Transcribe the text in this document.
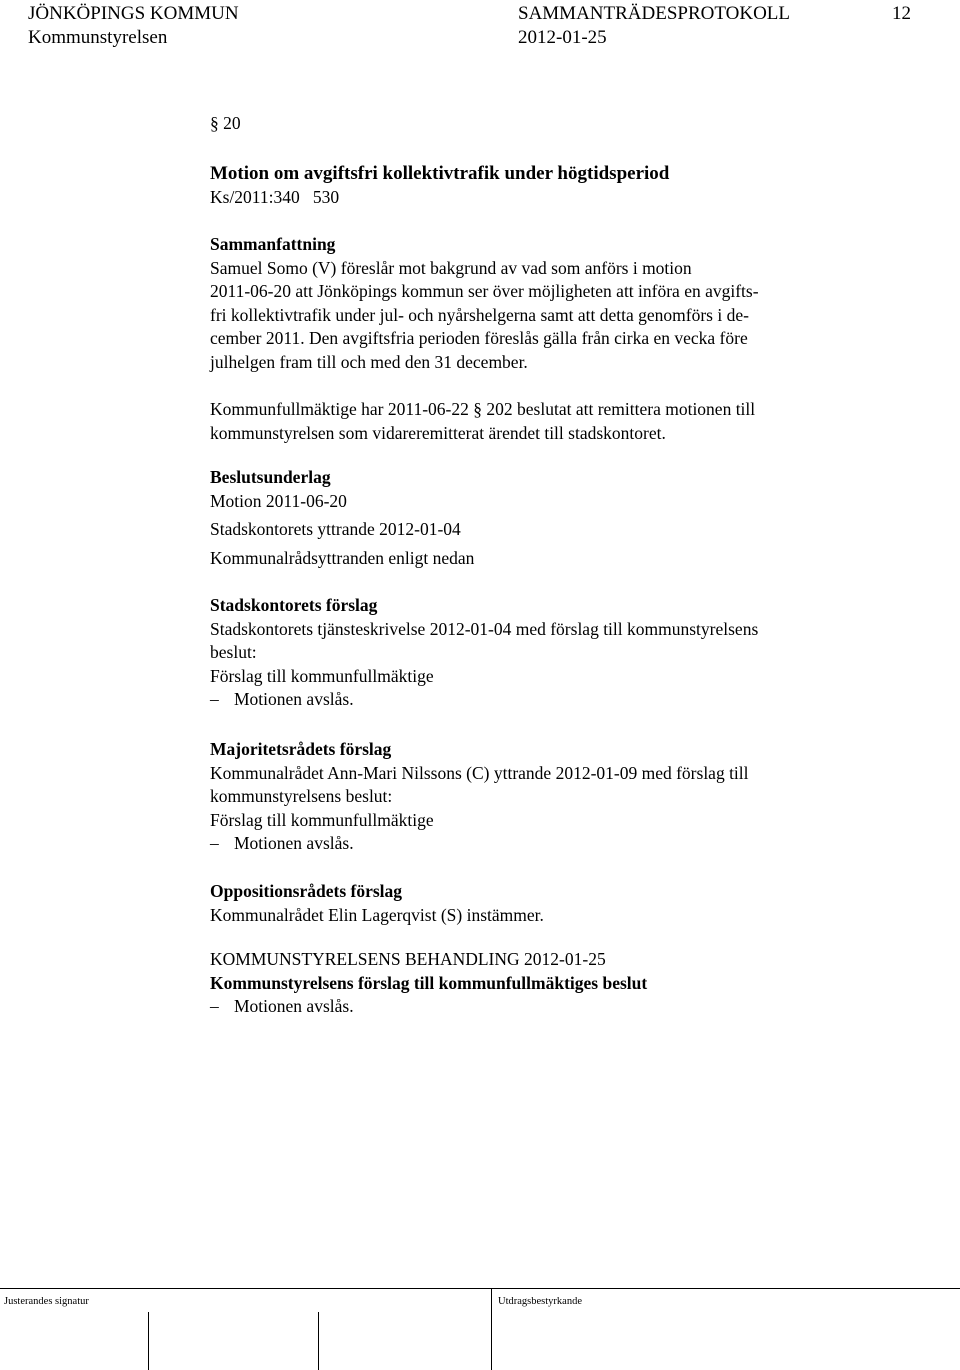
JÖNKÖPINGS KOMMUN	SAMMANTRÄDESPROTOKOLL	12
Kommunstyrelsen	2012-01-25
§ 20
Motion om avgiftsfri kollektivtrafik under högtidsperiod
Ks/2011:340   530
Sammanfattning
Samuel Somo (V) föreslår mot bakgrund av vad som anförs i motion
2011-06-20 att Jönköpings kommun ser över möjligheten att införa en avgifts-
fri kollektivtrafik under jul- och nyårshelgerna samt att detta genomförs i de-
cember 2011. Den avgiftsfria perioden föreslås gälla från cirka en vecka före
julhelgen fram till och med den 31 december.
Kommunfullmäktige har 2011-06-22 § 202 beslutat att remittera motionen till
kommunstyrelsen som vidareremitterat ärendet till stadskontoret.
Beslutsunderlag
Motion 2011-06-20
Stadskontorets yttrande 2012-01-04
Kommunalrådsyttranden enligt nedan
Stadskontorets förslag
Stadskontorets tjänsteskrivelse 2012-01-04 med förslag till kommunstyrelsens
beslut:
Förslag till kommunfullmäktige
– Motionen avslås.
Majoritetsrådets förslag
Kommunalrådet Ann-Mari Nilssons (C) yttrande 2012-01-09 med förslag till
kommunstyrelsens beslut:
Förslag till kommunfullmäktige
– Motionen avslås.
Oppositionsrådets förslag
Kommunalrådet Elin Lagerqvist (S) instämmer.
KOMMUNSTYRELSENS BEHANDLING 2012-01-25
Kommunstyrelsens förslag till kommunfullmäktiges beslut
– Motionen avslås.
Justerandes signatur	Utdragsbestyrkande
